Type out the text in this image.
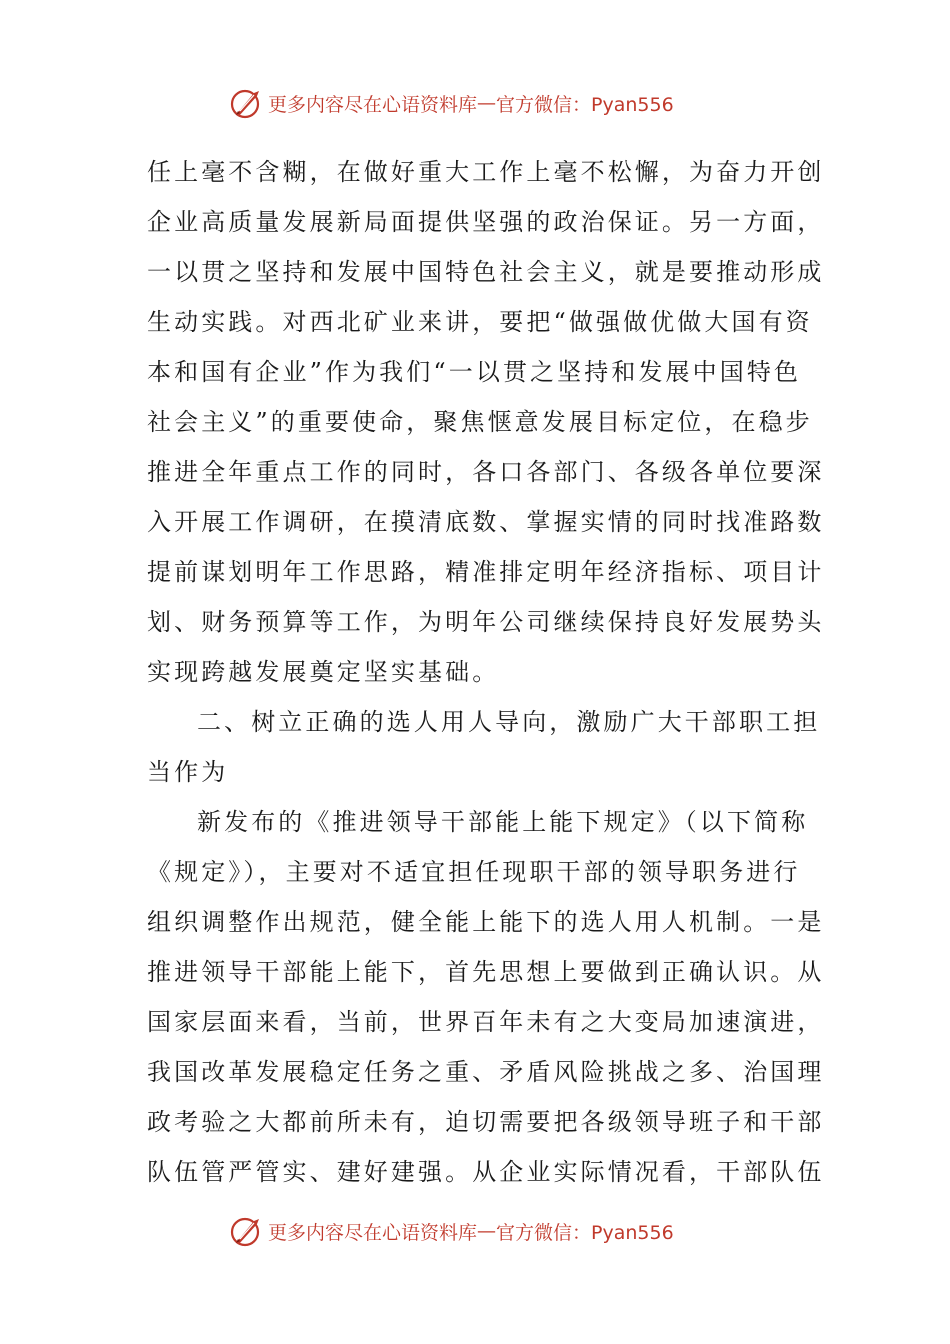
更多内容尽在心语资料库 — 官方微信：Pyan556
任上毫不含糊，在做好重大工作上毫不松懈，为奋力开创
企业高质量发展新局面提供坚强的政治保证。另一方面，
一以贯之坚持和发展中国特色社会主义，就是要推动形成
生动实践。对西北矿业来讲，要把“做强做优做大国有资
本和国有企业”作为我们“一以贯之坚持和发展中国特色
社会主义”的重要使命，聚焦惬意发展目标定位，在稳步
推进全年重点工作的同时，各口各部门、各级各单位要深
入开展工作调研，在摸清底数、掌握实情的同时找准路数
提前谋划明年工作思路，精准排定明年经济指标、项目计
划、财务预算等工作，为明年公司继续保持良好发展势头
实现跨越发展奠定坚实基础。
二、树立正确的选人用人导向，激励广大干部职工担
当作为
新发布的《推进领导干部能上能下规定》（以下简称
《规定》），主要对不适宜担任现职干部的领导职务进行
组织调整作出规范，健全能上能下的选人用人机制。一是
推进领导干部能上能下，首先思想上要做到正确认识。从
国家层面来看，当前，世界百年未有之大变局加速演进，
我国改革发展稳定任务之重、矛盾风险挑战之多、治国理
政考验之大都前所未有，迫切需要把各级领导班子和干部
队伍管严管实、建好建强。从企业实际情况看，干部队伍
更多内容尽在心语资料库 — 官方微信：Pyan556
